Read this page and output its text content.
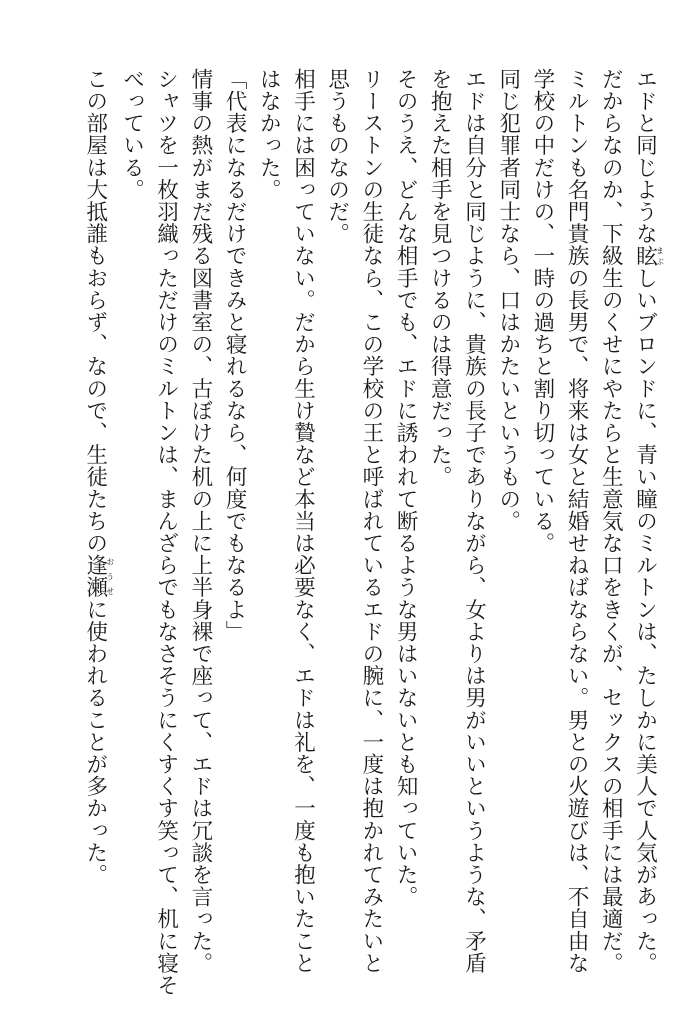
エドと同じような眩まぶしいブロンドに、青い瞳のミルトンは、たしかに美人で人気があった。
だからなのか、下級生のくせにやたらと生意気な口をきくが、セックスの相手には最適だ。
ミルトンも名門貴族の長男で、将来は女と結婚せねばならない。男との火遊びは、不自由な
学校の中だけの、一時の過ちと割り切っている。
同じ犯罪者同士なら、口はかたいというもの。
エドは自分と同じように、貴族の長子でありながら、女よりは男がいいというような、矛盾
を抱えた相手を見つけるのは得意だった。
そのうえ、どんな相手でも、エドに誘われて断るような男はいないとも知っていた。
リーストンの生徒なら、この学校の王と呼ばれているエドの腕に、一度は抱かれてみたいと
思うものなのだ。
相手には困っていない。だから生け贄など本当は必要なく、エドは礼を、一度も抱いたこと
はなかった。
「代表になるだけできみと寝れるなら、何度でもなるよ」
情事の熱がまだ残る図書室の、古ぼけた机の上に上半身裸で座って、エドは冗談を言った。
シャツを一枚羽織っただけのミルトンは、まんざらでもなさそうにくすくす笑って、机に寝そ
べっている。
この部屋は大抵誰もおらず、なので、生徒たちの逢瀬おうせに使われることが多かった。
